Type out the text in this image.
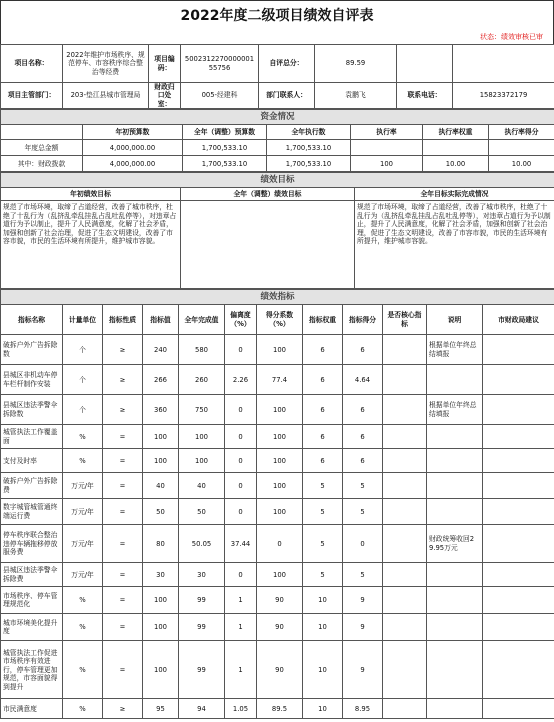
2022年度二级项目绩效自评表
状态：绩效审核已审
项目名称：	2022年维护市场秩序、规范停车、市容秩序综合整治等经费	项目编码：	500231227000000155756	自评总分：	89.59		
项目主管部门：	203-垫江县城市管理局	财政归口处室：	005-经建科	部门联系人：	袁鹏飞	联系电话：	15823372179
资金情况						
	年初预算数	全年（调整）预算数	全年执行数	执行率	执行率权重	执行率得分
年度总金额	4,000,000.00	1,700,533.10	1,700,533.10			
其中：财政拨款	4,000,000.00	1,700,533.10	1,700,533.10	100	10.00	10.00
绩效目标		
年初绩效目标	全年（调整）绩效目标	全年目标实际完成情况
规范了市场环境，取缔了占道经营，改善了城市秩序，杜绝了十乱行为（乱挤乱牵乱挂乱占乱吐乱停等），对违章占道行为予以制止，提升了人民满意度，化解了社会矛盾，加强和创新了社会治理，促进了生态文明建设，改善了市容市貌，市民的生活环境有所提升，维护城市容貌。		规范了市场环境，取缔了占道经营，改善了城市秩序，杜绝了十乱行为（乱挤乱牵乱挂乱占乱吐乱停等），对违章占道行为予以制止，提升了人民满意度，化解了社会矛盾，加强和创新了社会治理，促进了生态文明建设，改善了市容市貌，市民的生活环境有所提升，维护城市容貌。
绩效指标											
指标名称	计量单位	指标性质	指标值	全年完成值	偏离度（%）	得分系数（%）	指标权重	指标得分	是否核心指标	说明	市财政局建议
破拆户外广告拆除数	个	≥	240	580	0	100	6	6		根据单位年终总结填报	
县城区非机动车停车栏杆制作安装	个	≥	266	260	2.26	77.4	6	4.64			
县城区违法季警伞拆除数	个	≥	360	750	0	100	6	6		根据单位年终总结填报	
城管执法工作覆盖面	%	=	100	100	0	100	6	6			
支付及时率	%	=	100	100	0	100	6	6			
破拆户外广告拆除费	万元/年	=	40	40	0	100	5	5			
数字城管城管通终端运行费	万元/年	=	50	50	0	100	5	5			
停车秩序联合整治违停车辆拖移停放服务费	万元/年	=	80	50.05	37.44	0	5	0		财政统筹收回29.95万元	
县城区违法季警伞拆除费	万元/年	=	30	30	0	100	5	5			
市场秩序、停车管理规范化	%	=	100	99	1	90	10	9			
城市环境美化提升度	%	=	100	99	1	90	10	9			
城管执法工作促进市场秩序有效进行，停车管理更加规范，市容面貌得到提升	%	=	100	99	1	90	10	9			
市民满意度	%	≥	95	94	1.05	89.5	10	8.95			
